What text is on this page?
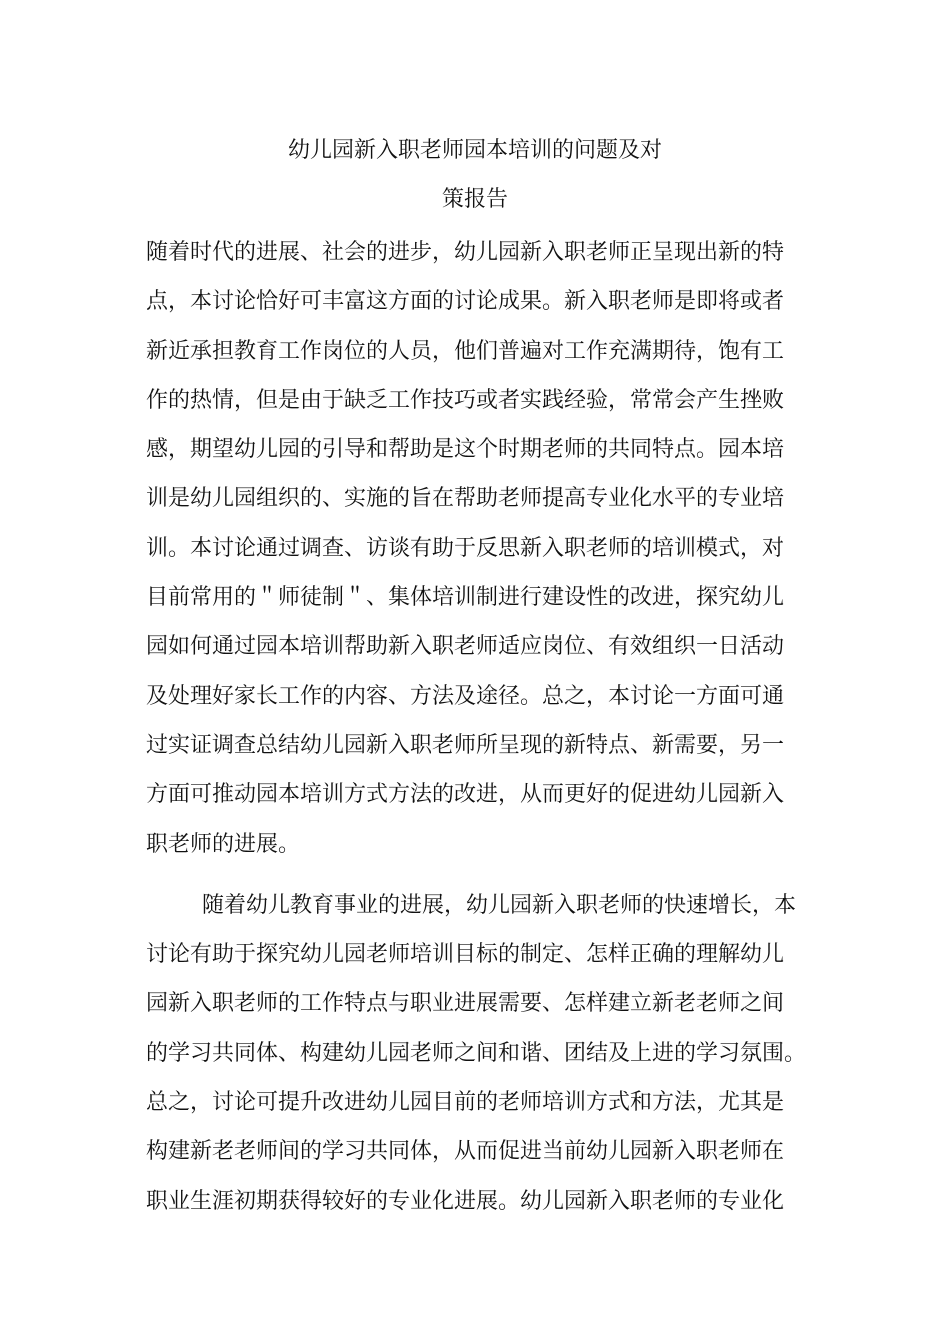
幼儿园新入职老师园本培训的问题及对
策报告
随着时代的进展、社会的进步，幼儿园新入职老师正呈现出新的特
点，本讨论恰好可丰富这方面的讨论成果。新入职老师是即将或者
新近承担教育工作岗位的人员，他们普遍对工作充满期待，饱有工
作的热情，但是由于缺乏工作技巧或者实践经验，常常会产生挫败
感，期望幼儿园的引导和帮助是这个时期老师的共同特点。园本培
训是幼儿园组织的、实施的旨在帮助老师提高专业化水平的专业培
训。本讨论通过调查、访谈有助于反思新入职老师的培训模式，对
目前常用的＂师徒制＂、集体培训制进行建设性的改进，探究幼儿
园如何通过园本培训帮助新入职老师适应岗位、有效组织一日活动
及处理好家长工作的内容、方法及途径。总之，本讨论一方面可通
过实证调查总结幼儿园新入职老师所呈现的新特点、新需要，另一
方面可推动园本培训方式方法的改进，从而更好的促进幼儿园新入
职老师的进展。
随着幼儿教育事业的进展，幼儿园新入职老师的快速增长，本
讨论有助于探究幼儿园老师培训目标的制定、怎样正确的理解幼儿
园新入职老师的工作特点与职业进展需要、怎样建立新老老师之间
的学习共同体、构建幼儿园老师之间和谐、团结及上进的学习氛围。
总之，讨论可提升改进幼儿园目前的老师培训方式和方法，尤其是
构建新老老师间的学习共同体，从而促进当前幼儿园新入职老师在
职业生涯初期获得较好的专业化进展。幼儿园新入职老师的专业化
